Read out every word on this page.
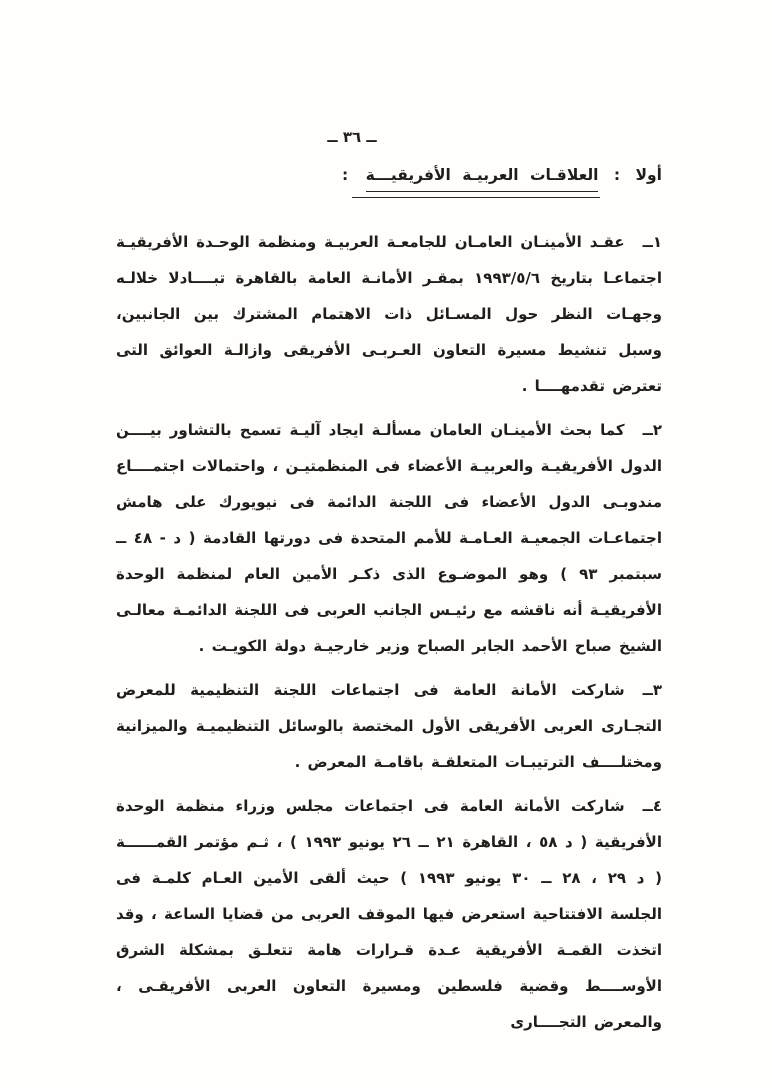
ــ ٣٦ ــ
أولا : العلاقـات العربيـة الأفريقيـــة :

١ــعقـد الأمينـان العامـان للجامعـة العربيـة ومنظمة الوحـدة الأفريقيـة اجتماعـا بتاريخ ١٩٩٣/٥/٦ بمقـر الأمانـة العامة بالقاهرة تبــــادلا خلالـه وجهـات النظر حول المسـائل ذات الاهتمام المشترك بين الجانبين، وسبل تنشيط مسيرة التعاون العـربـى الأفريقى وازالـة العوائق التى تعترض تقدمهــــا .

٢ــكما بحث الأمينـان العامان مسألـة ايجاد آليـة تسمح بالتشاور بيــــن الدول الأفريقيـة والعربيـة الأعضاء فى المنظمتيـن ، واحتمالات اجتمــــاع مندوبـى الدول الأعضاء فى اللجنة الدائمة فى نيويورك على هامش اجتماعـات الجمعيـة العـامـة للأمم المتحدة فى دورتها القادمة ( د - ٤٨ ــ سبتمبر ٩٣ ) وهو الموضـوع الذى ذكـر الأمين العام لمنظمة الوحدة الأفريقيـة أنه ناقشه مع رئيـس الجانب العربى فى اللجنة الدائمـة معالـى الشيخ صباح الأحمد الجابر الصباح وزير خارجيـة دولة الكويـت .

٣ــشاركت الأمانة العامة فى اجتماعات اللجنة التنظيمية للمعرض التجـارى العربى الأفريقى الأول المختصة بالوسائل التنظيميـة والميزانية ومختلــــف الترتيبـات المتعلقـة باقامـة المعرض .

٤ــشاركت الأمانة العامة فى اجتماعات مجلس وزراء منظمة الوحدة الأفريقية ( د ٥٨ ، القاهرة ٢١ ــ ٢٦ يونيو ١٩٩٣ ) ، ثـم مؤتمر القمــــــة ( د ٢٩ ، ٢٨ ــ ٣٠ يونيو ١٩٩٣ ) حيث ألقى الأمين العـام كلمـة فى الجلسة الافتتاحية استعرض فيها الموقف العربى من قضايا الساعة ، وقد اتخذت القمـة الأفريقية عـدة قـرارات هامة تتعلـق بمشكلة الشرق الأوســــط وقضية فلسطين ومسيرة التعاون العربى الأفريقـى ، والمعرض التجــــارى
